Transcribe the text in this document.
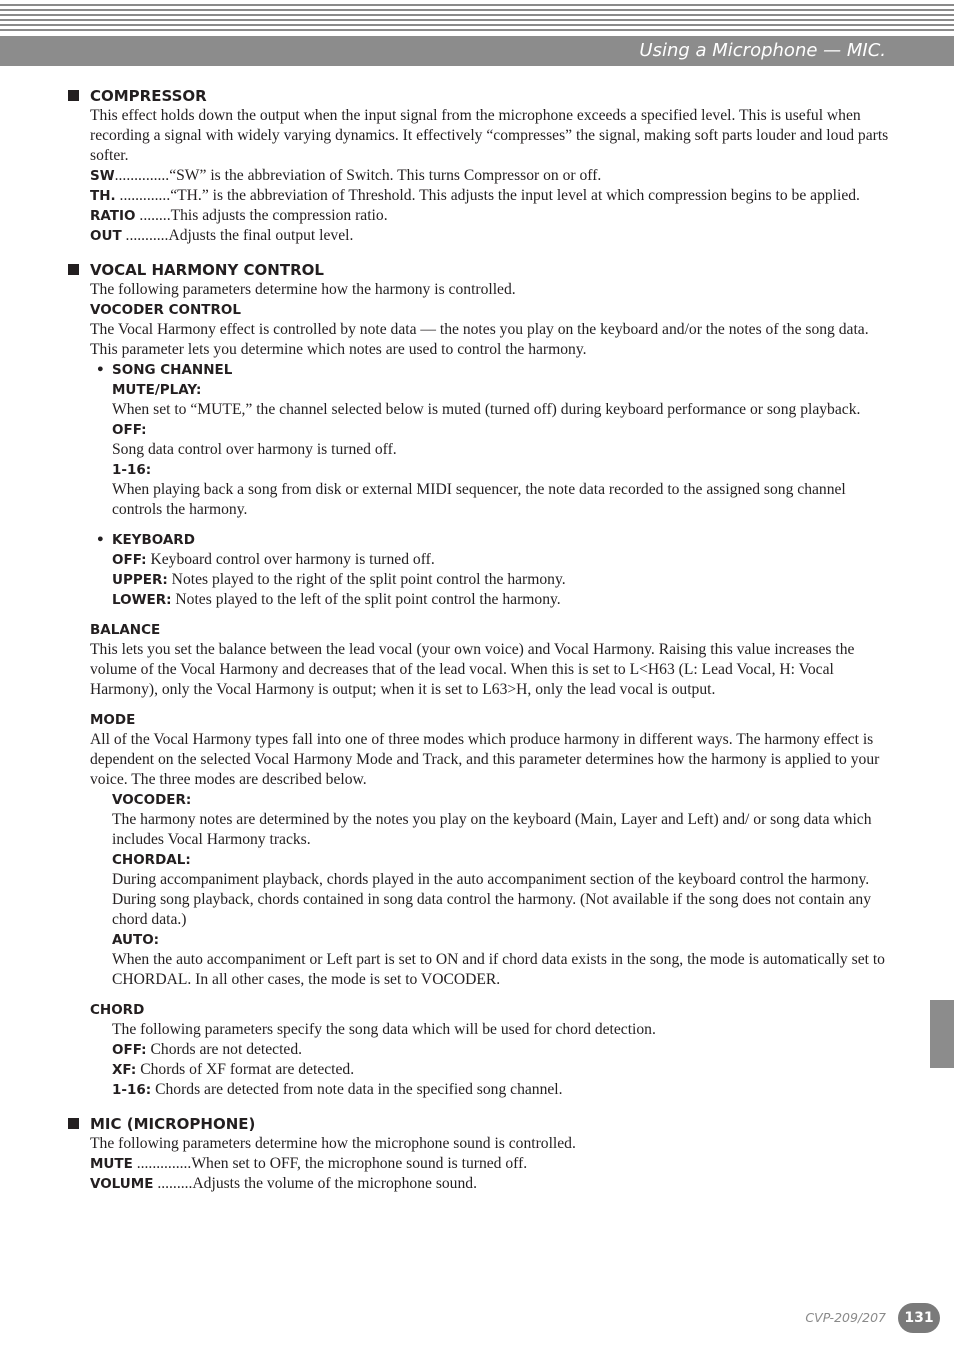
Using a Microphone — MIC.
COMPRESSOR

This effect holds down the output when the input signal from the microphone exceeds a specified level. This is useful when recording a signal with widely varying dynamics. It effectively “compresses” the signal, making soft parts louder and loud parts softer.

SW.............. “SW” is the abbreviation of Switch. This turns Compressor on or off.
TH. ............. “TH.” is the abbreviation of Threshold. This adjusts the input level at which compression begins to be applied.
RATIO ........ This adjusts the compression ratio.
OUT ........... Adjusts the final output level.
VOCAL HARMONY CONTROL

The following parameters determine how the harmony is controlled.

VOCODER CONTROL

The Vocal Harmony effect is controlled by note data — the notes you play on the keyboard and/or the notes of the song data. This parameter lets you determine which notes are used to control the harmony.

• SONG CHANNEL
MUTE/PLAY:

When set to “MUTE,” the channel selected below is muted (turned off) during keyboard performance or song playback.

OFF:

Song data control over harmony is turned off.

1-16:

When playing back a song from disk or external MIDI sequencer, the note data recorded to the assigned song channel controls the harmony.

• KEYBOARD

OFF: Keyboard control over harmony is turned off.

UPPER: Notes played to the right of the split point control the harmony.

LOWER: Notes played to the left of the split point control the harmony.

BALANCE

This lets you set the balance between the lead vocal (your own voice) and Vocal Harmony. Raising this value increases the volume of the Vocal Harmony and decreases that of the lead vocal. When this is set to L<H63 (L: Lead Vocal, H: Vocal Harmony), only the Vocal Harmony is output; when it is set to L63>H, only the lead vocal is output.

MODE

All of the Vocal Harmony types fall into one of three modes which produce harmony in different ways. The harmony effect is dependent on the selected Vocal Harmony Mode and Track, and this parameter determines how the harmony is applied to your voice. The three modes are described below.

VOCODER:

The harmony notes are determined by the notes you play on the keyboard (Main, Layer and Left) and/ or song data which includes Vocal Harmony tracks.

CHORDAL:

During accompaniment playback, chords played in the auto accompaniment section of the keyboard control the harmony. During song playback, chords contained in song data control the harmony. (Not available if the song does not contain any chord data.)

AUTO:

When the auto accompaniment or Left part is set to ON and if chord data exists in the song, the mode is automatically set to CHORDAL. In all other cases, the mode is set to VOCODER.

CHORD

The following parameters specify the song data which will be used for chord detection.

OFF: Chords are not detected.

XF: Chords of XF format are detected.

1-16: Chords are detected from note data in the specified song channel.

MIC (MICROPHONE)

The following parameters determine how the microphone sound is controlled.

MUTE .............. When set to OFF, the microphone sound is turned off.
VOLUME ......... Adjusts the volume of the microphone sound.
CVP-209/207	131
